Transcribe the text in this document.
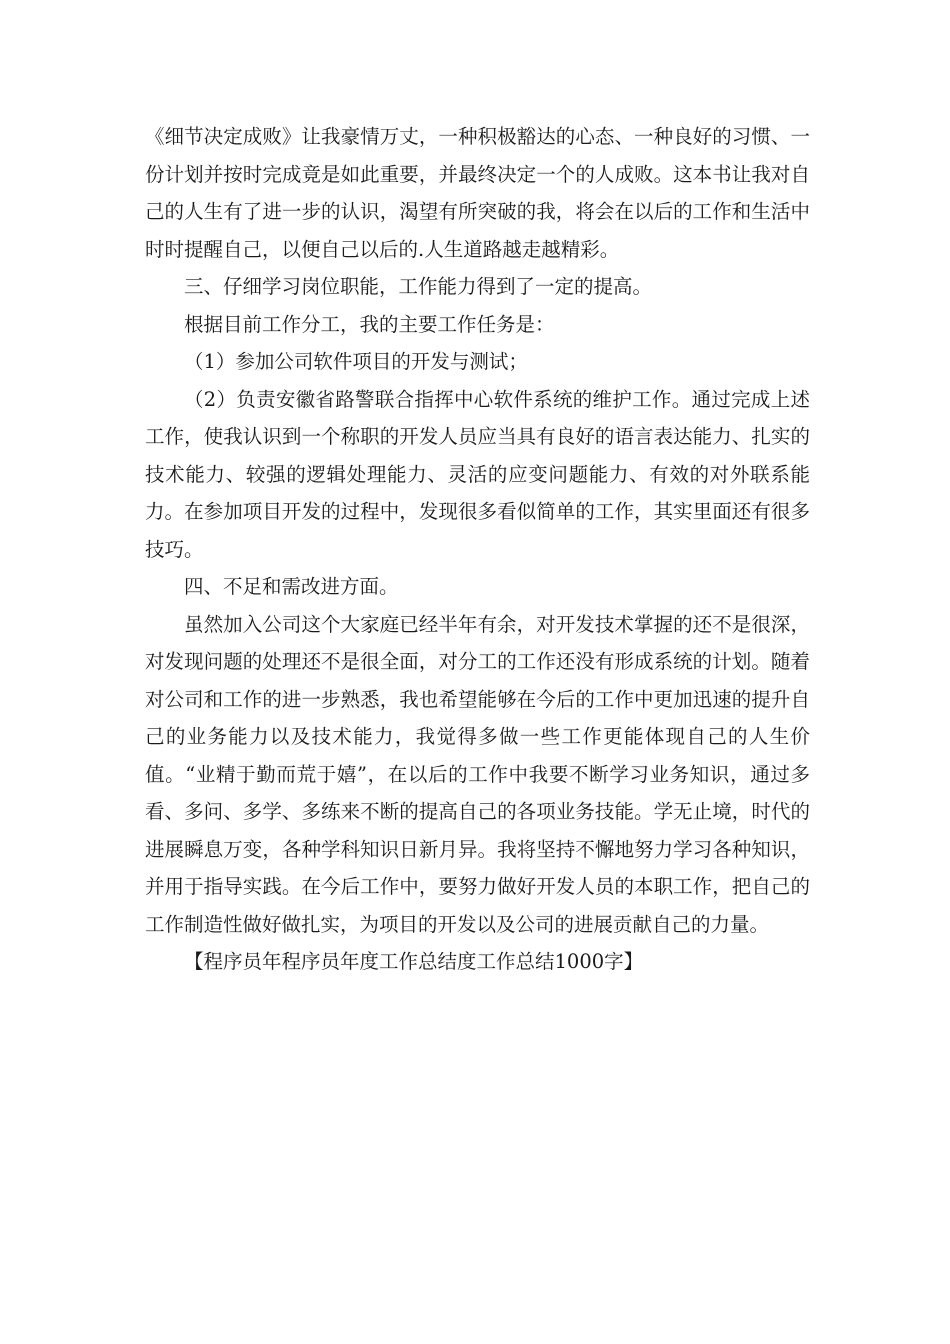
《细节决定成败》让我豪情万丈，一种积极豁达的心态、一种良好的习惯、一份计划并按时完成竟是如此重要，并最终决定一个的人成败。这本书让我对自己的人生有了进一步的认识，渴望有所突破的我，将会在以后的工作和生活中时时提醒自己，以便自己以后的.人生道路越走越精彩。

三、仔细学习岗位职能，工作能力得到了一定的提高。

根据目前工作分工，我的主要工作任务是：

（1）参加公司软件项目的开发与测试；

（2）负责安徽省路警联合指挥中心软件系统的维护工作。通过完成上述工作，使我认识到一个称职的开发人员应当具有良好的语言表达能力、扎实的技术能力、较强的逻辑处理能力、灵活的应变问题能力、有效的对外联系能力。在参加项目开发的过程中，发现很多看似简单的工作，其实里面还有很多技巧。

四、不足和需改进方面。

虽然加入公司这个大家庭已经半年有余，对开发技术掌握的还不是很深，对发现问题的处理还不是很全面，对分工的工作还没有形成系统的计划。随着对公司和工作的进一步熟悉，我也希望能够在今后的工作中更加迅速的提升自己的业务能力以及技术能力，我觉得多做一些工作更能体现自己的人生价值。“业精于勤而荒于嬉”，在以后的工作中我要不断学习业务知识，通过多看、多问、多学、多练来不断的提高自己的各项业务技能。学无止境，时代的进展瞬息万变，各种学科知识日新月异。我将坚持不懈地努力学习各种知识，并用于指导实践。在今后工作中，要努力做好开发人员的本职工作，把自己的工作制造性做好做扎实，为项目的开发以及公司的进展贡献自己的力量。

【程序员年程序员年度工作总结度工作总结1000字】
